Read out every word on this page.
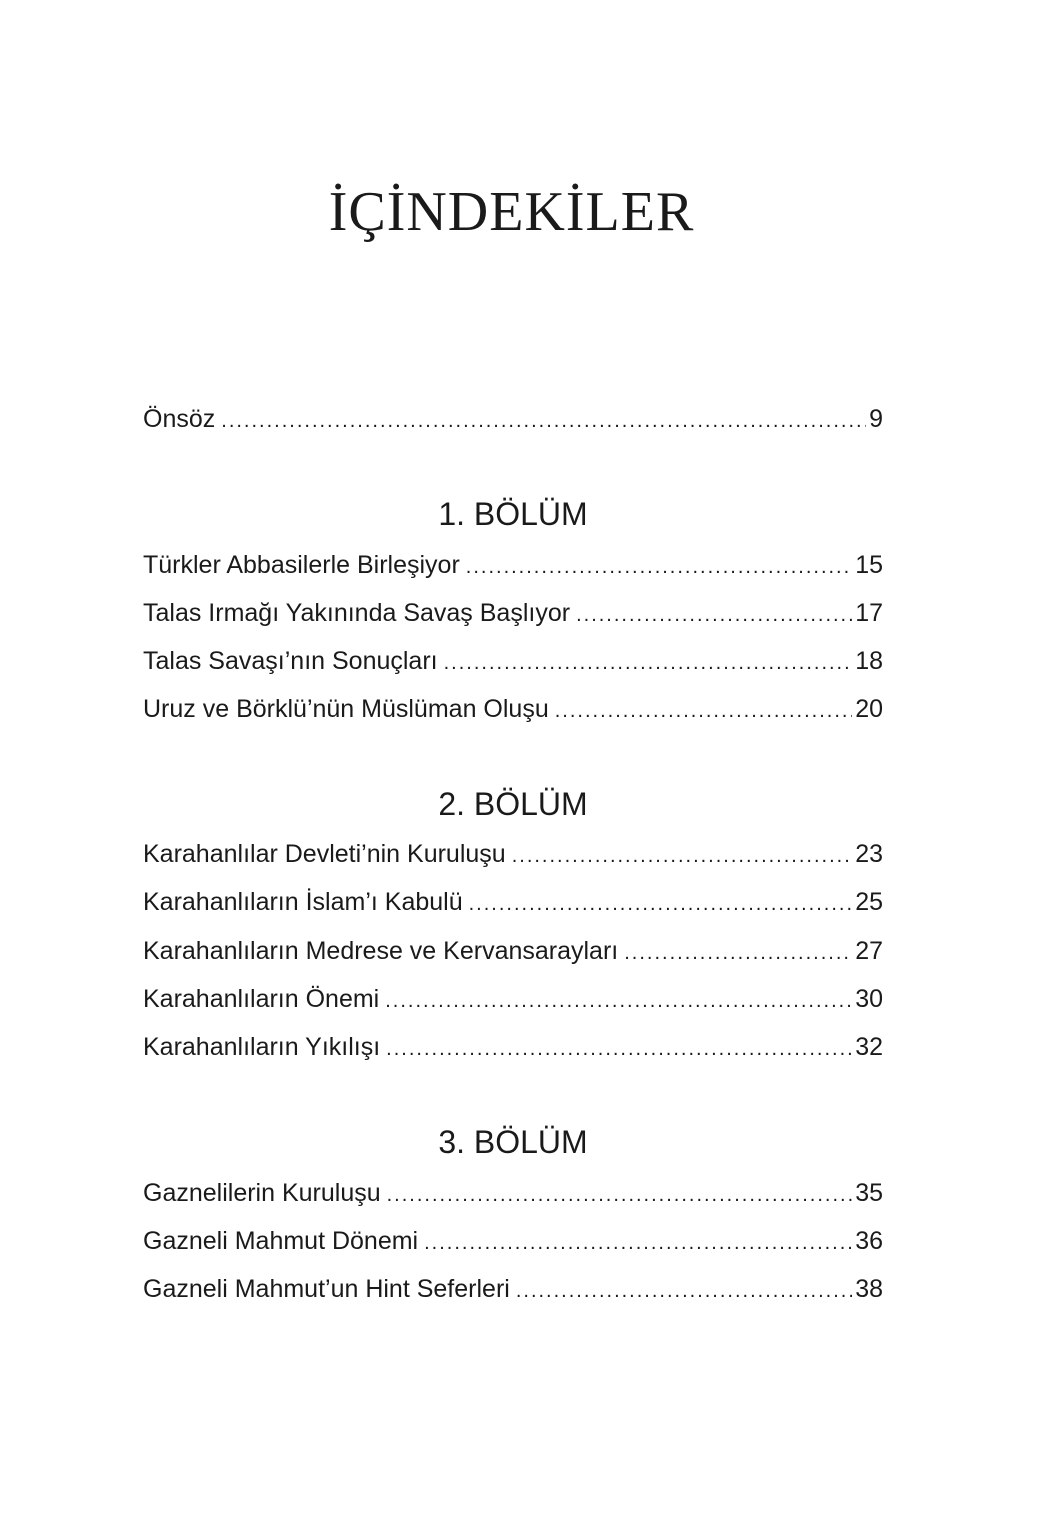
İÇİNDEKİLER
Önsöz .....	9
1. BÖLÜM
Türkler Abbasilerle Birleşiyor .....	15
Talas Irmağı Yakınında Savaş Başlıyor .....	17
Talas Savaşı’nın Sonuçları .....	18
Uruz ve Börklü’nün Müslüman Oluşu .....	20
2. BÖLÜM
Karahanlılar Devleti’nin Kuruluşu .....	23
Karahanlıların İslam’ı Kabulü .....	25
Karahanlıların Medrese ve Kervansarayları .....	27
Karahanlıların Önemi .....	30
Karahanlıların Yıkılışı .....	32
3. BÖLÜM
Gaznelilerin Kuruluşu .....	35
Gazneli Mahmut Dönemi .....	36
Gazneli Mahmut’un Hint Seferleri .....	38
